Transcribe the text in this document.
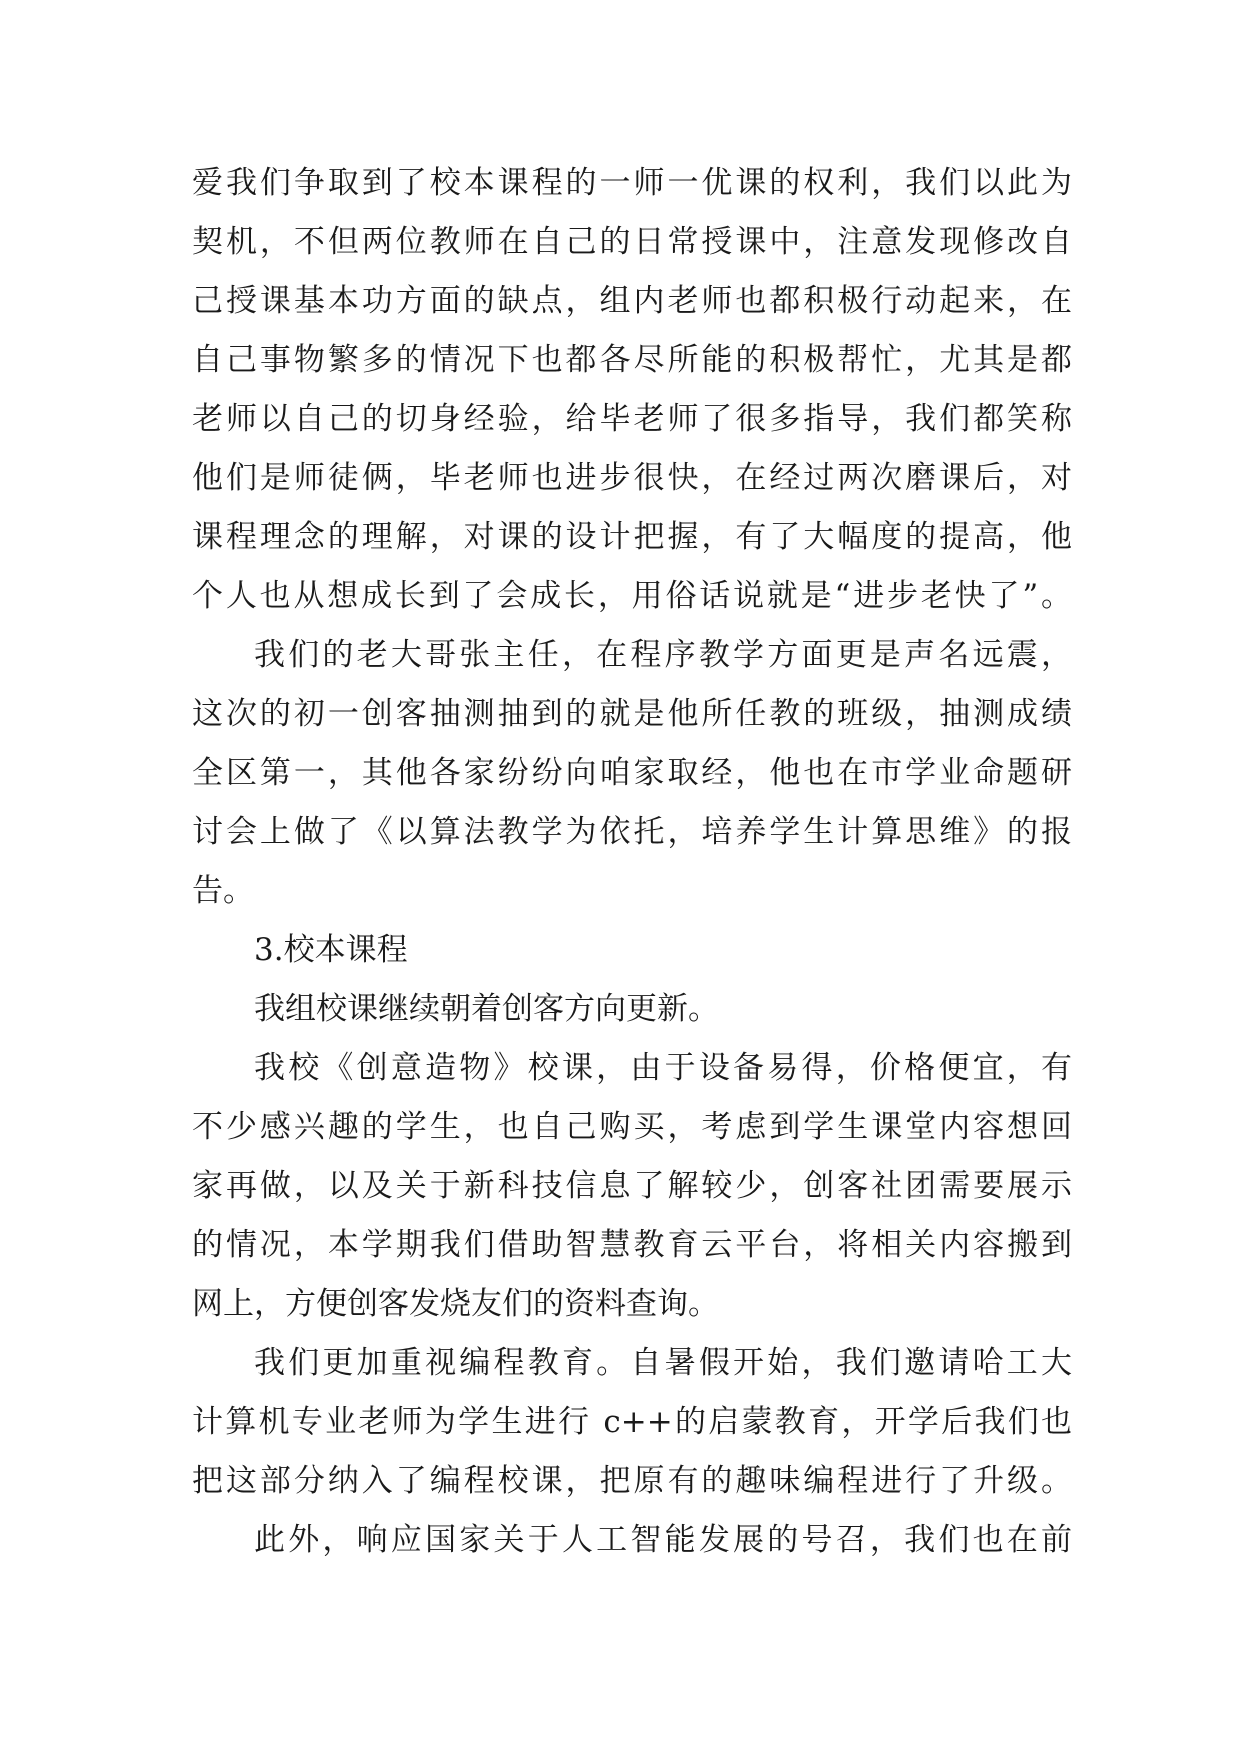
爱我们争取到了校本课程的一师一优课的权利，我们以此为
契机，不但两位教师在自己的日常授课中，注意发现修改自
己授课基本功方面的缺点，组内老师也都积极行动起来，在
自己事物繁多的情况下也都各尽所能的积极帮忙，尤其是都
老师以自己的切身经验，给毕老师了很多指导，我们都笑称
他们是师徒俩，毕老师也进步很快，在经过两次磨课后，对
课程理念的理解，对课的设计把握，有了大幅度的提高，他
个人也从想成长到了会成长，用俗话说就是“进步老快了”。
我们的老大哥张主任，在程序教学方面更是声名远震，
这次的初一创客抽测抽到的就是他所任教的班级，抽测成绩
全区第一，其他各家纷纷向咱家取经，他也在市学业命题研
讨会上做了《以算法教学为依托，培养学生计算思维》的报
告。
3.校本课程
我组校课继续朝着创客方向更新。
我校《创意造物》校课，由于设备易得，价格便宜，有
不少感兴趣的学生，也自己购买，考虑到学生课堂内容想回
家再做，以及关于新科技信息了解较少，创客社团需要展示
的情况，本学期我们借助智慧教育云平台，将相关内容搬到
网上，方便创客发烧友们的资料查询。
我们更加重视编程教育。自暑假开始，我们邀请哈工大
计算机专业老师为学生进行 c++的启蒙教育，开学后我们也
把这部分纳入了编程校课，把原有的趣味编程进行了升级。
此外，响应国家关于人工智能发展的号召，我们也在前
